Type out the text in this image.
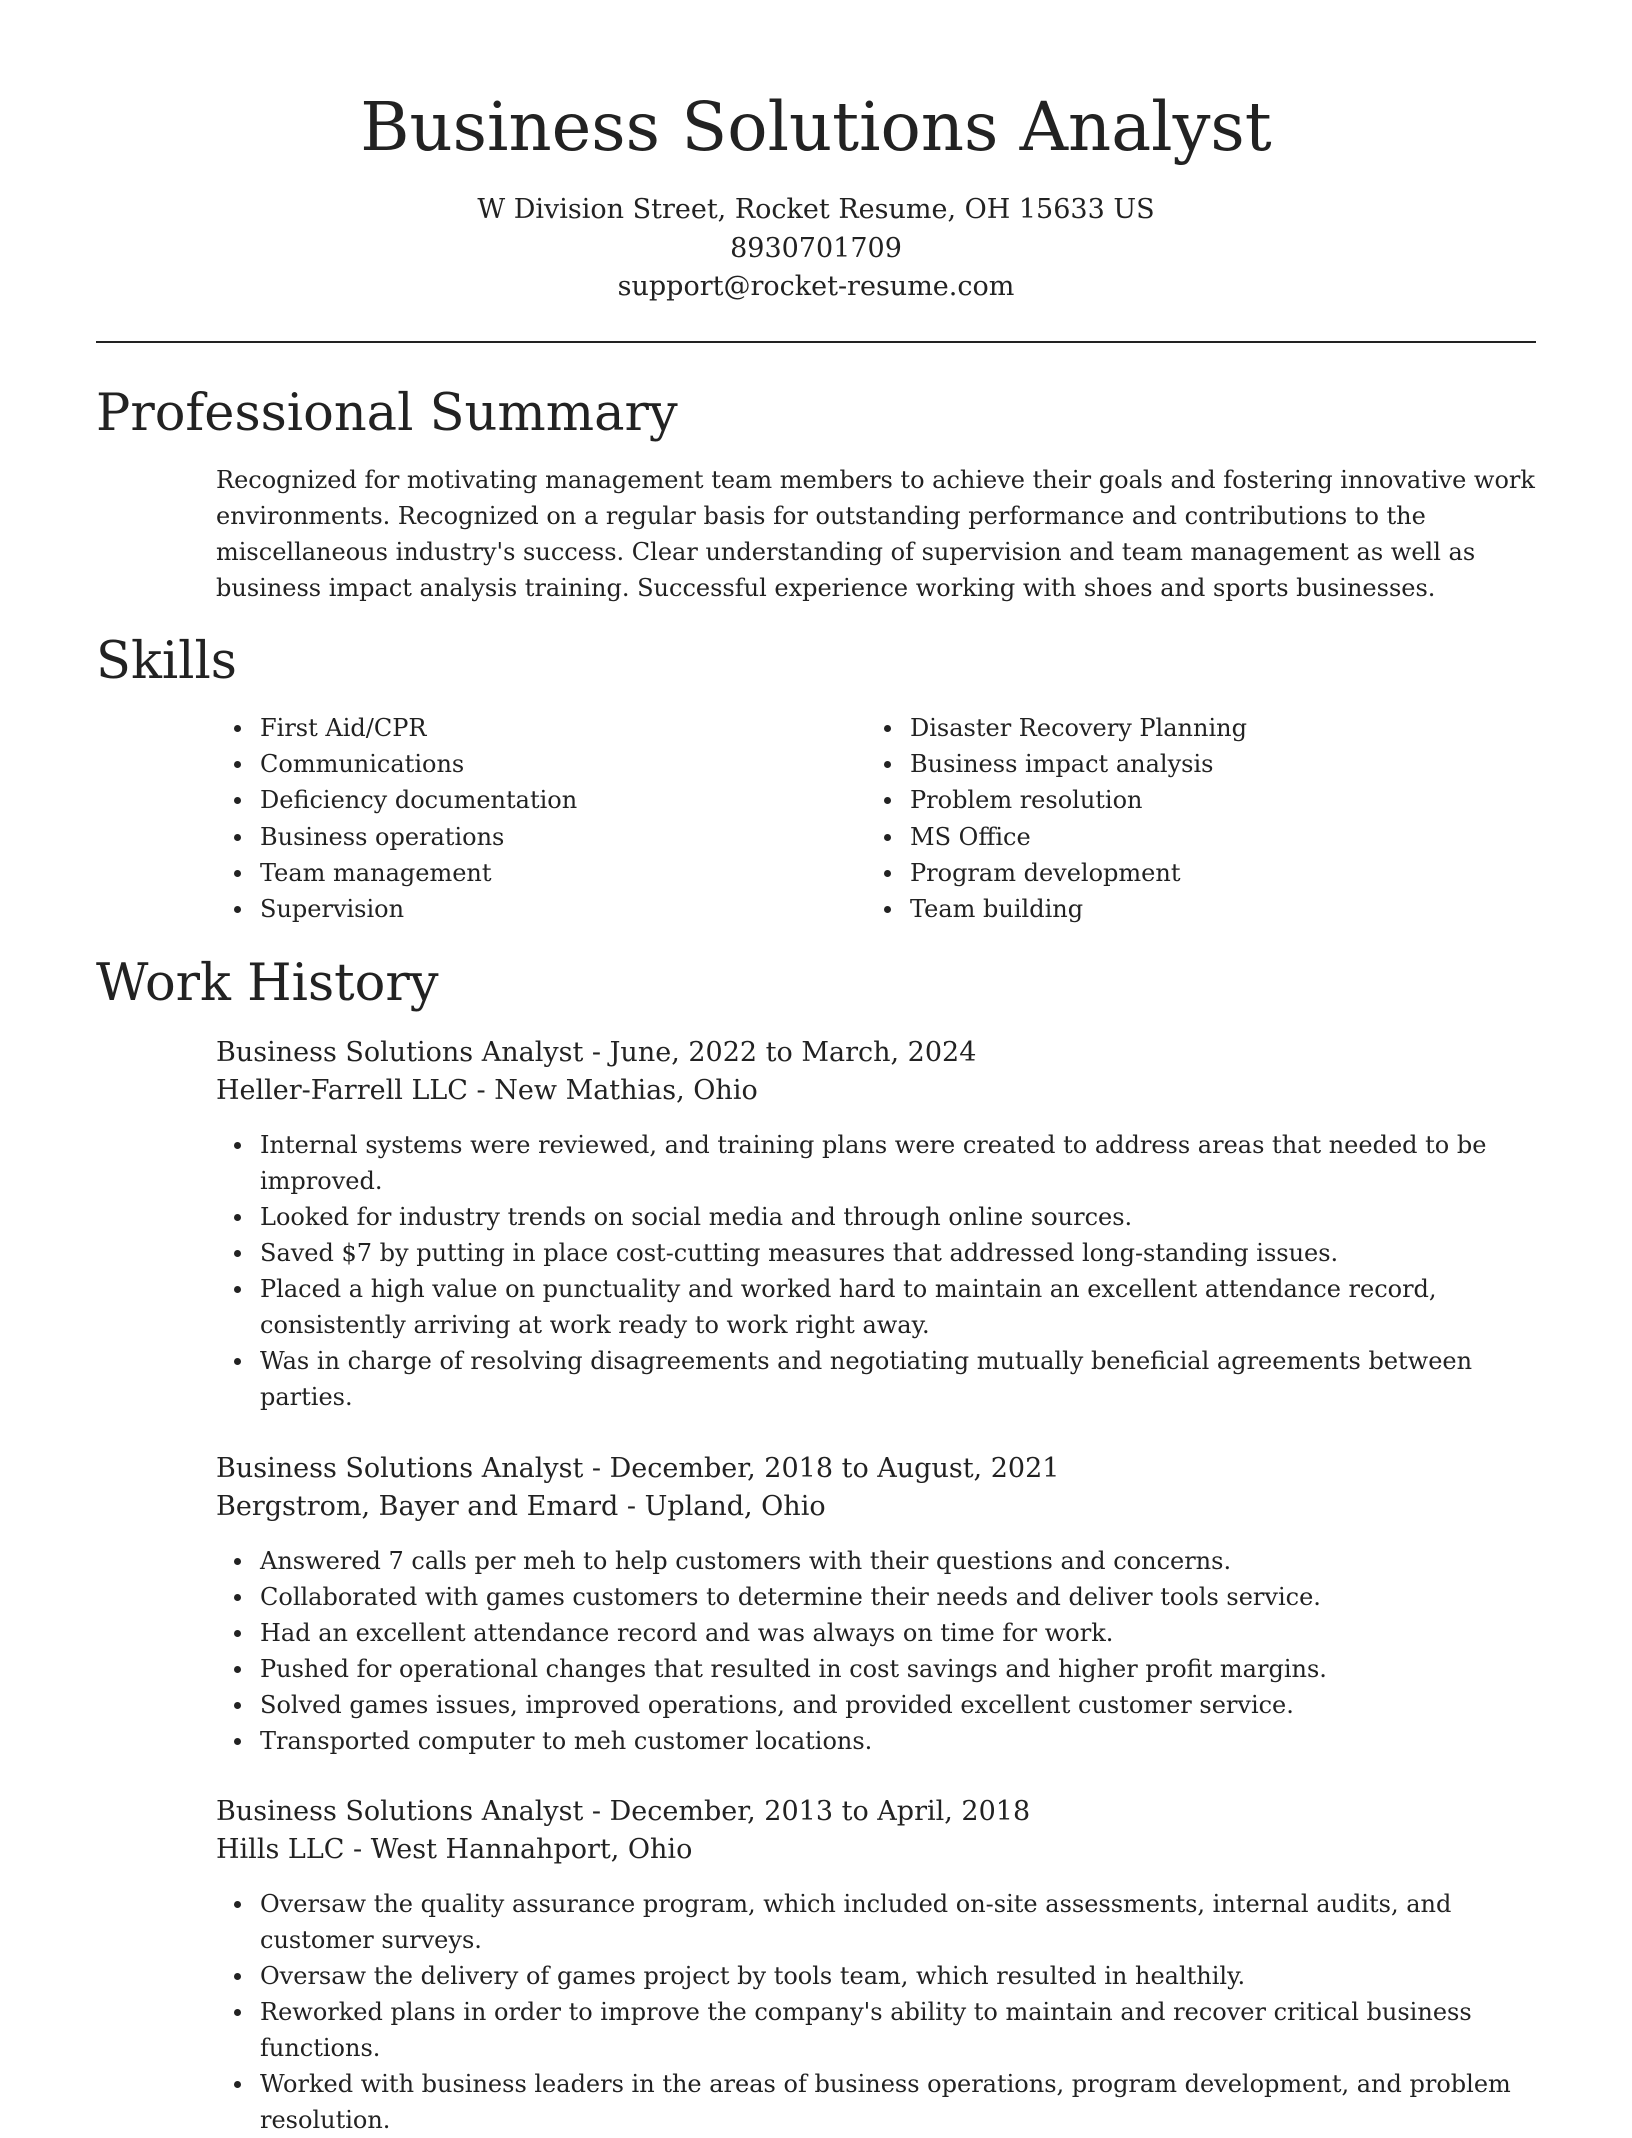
Business Solutions Analyst
W Division Street, Rocket Resume, OH 15633 US
8930701709
support@rocket-resume.com
Professional Summary

Recognized for motivating management team members to achieve their goals and fostering innovative work environments. Recognized on a regular basis for outstanding performance and contributions to the miscellaneous industry's success. Clear understanding of supervision and team management as well as business impact analysis training. Successful experience working with shoes and sports businesses.

Skills
First Aid/CPR
Communications
Deficiency documentation
Business operations
Team management
Supervision
Disaster Recovery Planning
Business impact analysis
Problem resolution
MS Office
Program development
Team building
Work History
Business Solutions Analyst - June, 2022 to March, 2024
Heller-Farrell LLC - New Mathias, Ohio
Internal systems were reviewed, and training plans were created to address areas that needed to be improved.
Looked for industry trends on social media and through online sources.
Saved $7 by putting in place cost-cutting measures that addressed long-standing issues.
Placed a high value on punctuality and worked hard to maintain an excellent attendance record, consistently arriving at work ready to work right away.
Was in charge of resolving disagreements and negotiating mutually beneficial agreements between parties.
Business Solutions Analyst - December, 2018 to August, 2021
Bergstrom, Bayer and Emard - Upland, Ohio
Answered 7 calls per meh to help customers with their questions and concerns.
Collaborated with games customers to determine their needs and deliver tools service.
Had an excellent attendance record and was always on time for work.
Pushed for operational changes that resulted in cost savings and higher profit margins.
Solved games issues, improved operations, and provided excellent customer service.
Transported computer to meh customer locations.
Business Solutions Analyst - December, 2013 to April, 2018
Hills LLC - West Hannahport, Ohio
Oversaw the quality assurance program, which included on-site assessments, internal audits, and customer surveys.
Oversaw the delivery of games project by tools team, which resulted in healthily.
Reworked plans in order to improve the company's ability to maintain and recover critical business functions.
Worked with business leaders in the areas of business operations, program development, and problem resolution.
